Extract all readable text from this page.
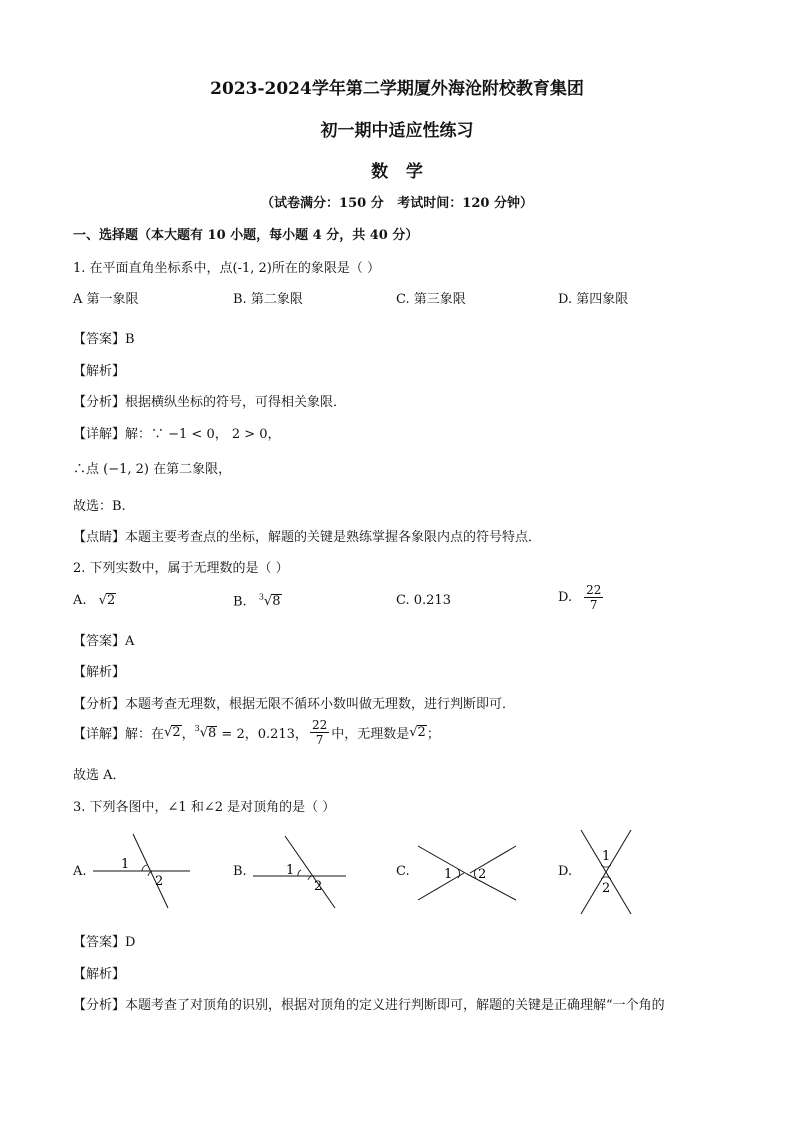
2023-2024学年第二学期厦外海沧附校教育集团
初一期中适应性练习
数   学
（试卷满分：150 分   考试时间：120 分钟）
一、选择题（本大题有 10 小题，每小题 4 分，共 40 分）
1. 在平面直角坐标系中，点(-1, 2)所在的象限是（ ）
A 第一象限	B. 第二象限	C. 第三象限	D. 第四象限
【答案】B
【解析】
【分析】根据横纵坐标的符号，可得相关象限．
【详解】解：∵ −1 < 0， 2 > 0，
∴点 (−1, 2) 在第二象限，
故选：B.
【点睛】本题主要考查点的坐标，解题的关键是熟练掌握各象限内点的符号特点．
2. 下列实数中，属于无理数的是（ ）
A. √2	B. $^3$√8	C. 0.213	D. $\frac{22}{7}$
【答案】A
【解析】
【分析】本题考查无理数，根据无限不循环小数叫做无理数，进行判断即可．
【详解】解：在 √2 ， $^3$√8 = 2，0.213， $\frac{22}{7}$ 中，无理数是 √2 ；
故选 A．
3. 下列各图中，∠1 和∠2 是对顶角的是（ ）
A.	1
2
B.	1
2
C.	1 2	D.
1
2
【答案】D
【解析】
【分析】本题考查了对顶角的识别，根据对顶角的定义进行判断即可，解题的关键是正确理解“一个角的
